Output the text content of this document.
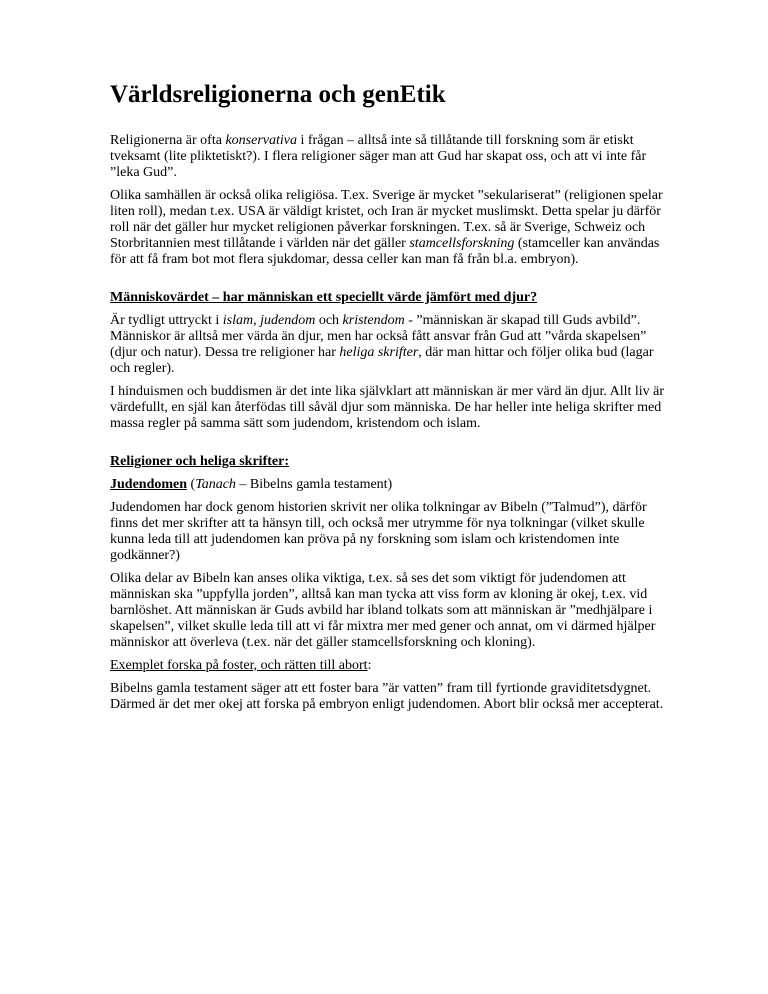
Världsreligionerna och genEtik

Religionerna är ofta konservativa i frågan – alltså inte så tillåtande till forskning som är etiskt tveksamt (lite pliktetiskt?). I flera religioner säger man att Gud har skapat oss, och att vi inte får ”leka Gud”.

Olika samhällen är också olika religiösa. T.ex. Sverige är mycket ”sekulariserat” (religionen spelar liten roll), medan t.ex. USA är väldigt kristet, och Iran är mycket muslimskt. Detta spelar ju därför roll när det gäller hur mycket religionen påverkar forskningen. T.ex. så är Sverige, Schweiz och Storbritannien mest tillåtande i världen när det gäller stamcellsforskning (stamceller kan användas för att få fram bot mot flera sjukdomar, dessa celler kan man få från bl.a. embryon).

Människovärdet – har människan ett speciellt värde jämfört med djur?

Är tydligt uttryckt i islam, judendom och kristendom - ”människan är skapad till Guds avbild”. Människor är alltså mer värda än djur, men har också fått ansvar från Gud att ”vårda skapelsen” (djur och natur). Dessa tre religioner har heliga skrifter, där man hittar och följer olika bud (lagar och regler).

I hinduismen och buddismen är det inte lika självklart att människan är mer värd än djur. Allt liv är värdefullt, en själ kan återfödas till såväl djur som människa. De har heller inte heliga skrifter med massa regler på samma sätt som judendom, kristendom och islam.

Religioner och heliga skrifter:

Judendomen (Tanach – Bibelns gamla testament)

Judendomen har dock genom historien skrivit ner olika tolkningar av Bibeln (”Talmud”), därför finns det mer skrifter att ta hänsyn till, och också mer utrymme för nya tolkningar (vilket skulle kunna leda till att judendomen kan pröva på ny forskning som islam och kristendomen inte godkänner?)

Olika delar av Bibeln kan anses olika viktiga, t.ex. så ses det som viktigt för judendomen att människan ska ”uppfylla jorden”, alltså kan man tycka att viss form av kloning är okej, t.ex. vid barnlöshet. Att människan är Guds avbild har ibland tolkats som att människan är ”medhjälpare i skapelsen”, vilket skulle leda till att vi får mixtra mer med gener och annat, om vi därmed hjälper människor att överleva (t.ex. när det gäller stamcellsforskning och kloning).

Exemplet forska på foster, och rätten till abort:

Bibelns gamla testament säger att ett foster bara ”är vatten” fram till fyrtionde graviditetsdygnet. Därmed är det mer okej att forska på embryon enligt judendomen. Abort blir också mer accepterat.
